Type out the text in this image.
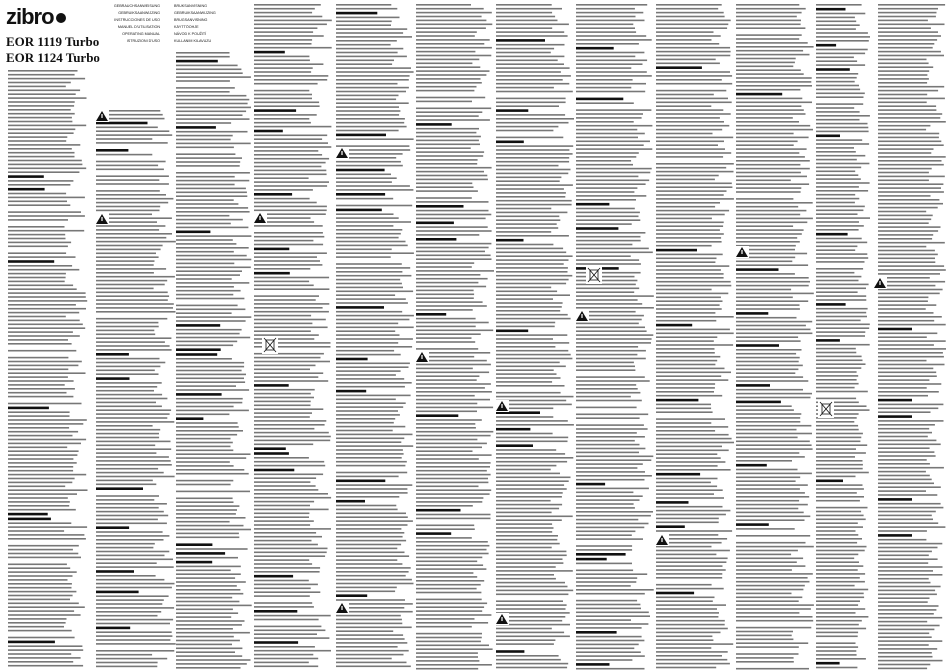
zibro
EOR 1119 Turbo
EOR 1124 Turbo
GEBRAUCHSANWEISUNG
GEBRUIKSAANWIJZING
INSTRUCCIONES DE USO
MANUEL D'UTILISATION
OPERATING MANUAL
ISTRUZIONI D'USO
BRUKSANVISNING
GEBRUIKSAANWIJZING
BRUGSANVISNING
KÄYTTÖOHJE
NÁVOD K POUŽITÍ
KULLANIM KILAVUZU
